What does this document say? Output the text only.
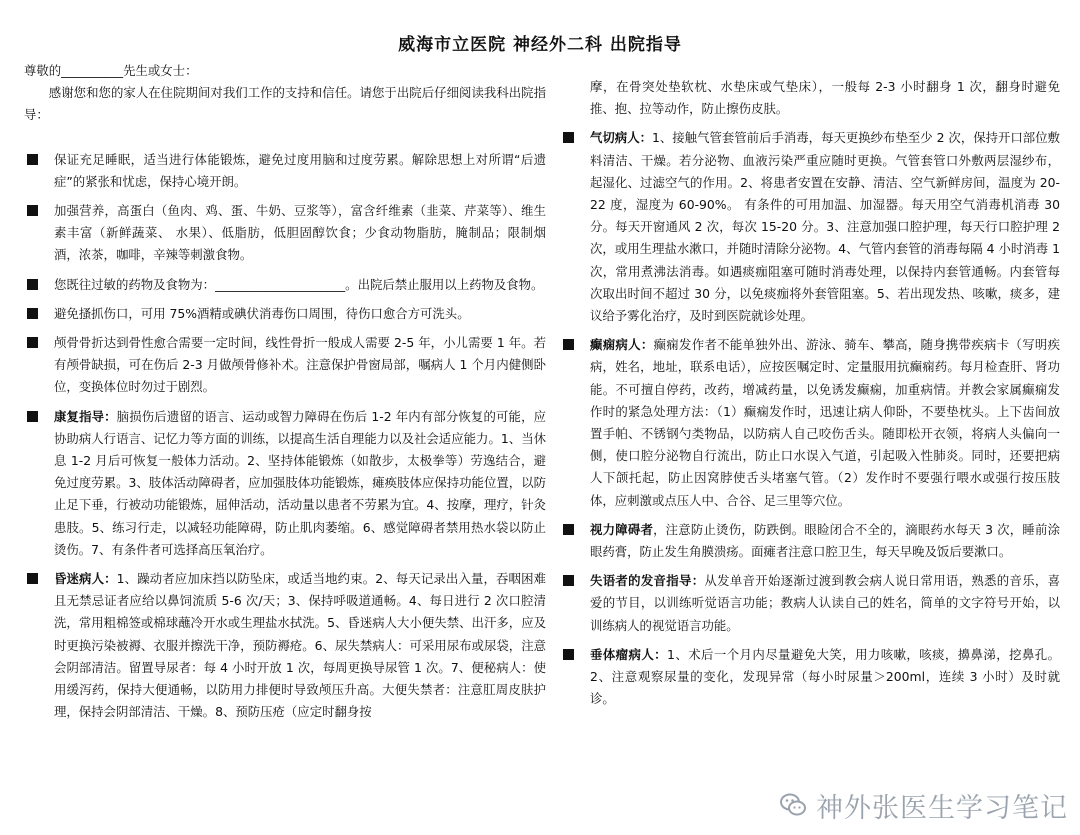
威海市立医院 神经外二科 出院指导

尊敬的__________先生或女士：

感谢您和您的家人在住院期间对我们工作的支持和信任。请您于出院后仔细阅读我科出院指导：

保证充足睡眠，适当进行体能锻炼，避免过度用脑和过度劳累。解除思想上对所谓“后遗症”的紧张和忧虑，保持心境开朗。
加强营养，高蛋白（鱼肉、鸡、蛋、牛奶、豆浆等），富含纤维素（韭菜、芹菜等）、维生素丰富（新鲜蔬菜、 水果）、低脂肪，低胆固醇饮食；少食动物脂肪，腌制品；限制烟酒，浓茶，咖啡，辛辣等刺激食物。
您既往过敏的药物及食物为：_____________________。出院后禁止服用以上药物及食物。
避免搔抓伤口，可用 75%酒精或碘伏消毒伤口周围，待伤口愈合方可洗头。
颅骨骨折达到骨性愈合需要一定时间，线性骨折一般成人需要 2-5 年，小儿需要 1 年。若有颅骨缺损，可在伤后 2-3 月做颅骨修补术。注意保护骨窗局部，嘱病人 1 个月内健侧卧位，变换体位时勿过于剧烈。
康复指导：脑损伤后遗留的语言、运动或智力障碍在伤后 1-2 年内有部分恢复的可能，应协助病人行语言、记忆力等方面的训练，以提高生活自理能力以及社会适应能力。1、当休息 1-2 月后可恢复一般体力活动。2、坚持体能锻炼（如散步，太极拳等）劳逸结合，避免过度劳累。3、肢体活动障碍者，应加强肢体功能锻炼，瘫痪肢体应保持功能位置，以防止足下垂，行被动功能锻炼，屈伸活动，活动量以患者不劳累为宜。4、按摩，理疗，针灸患肢。5、练习行走，以减轻功能障碍，防止肌肉萎缩。6、感觉障碍者禁用热水袋以防止烫伤。7、有条件者可选择高压氧治疗。
昏迷病人：1、躁动者应加床挡以防坠床，或适当地约束。2、每天记录出入量，吞咽困难且无禁忌证者应给以鼻饲流质 5-6 次/天；3、保持呼吸道通畅。4、每日进行 2 次口腔清洗，常用粗棉签或棉球蘸冷开水或生理盐水拭洗。5、昏迷病人大小便失禁、出汗多，应及时更换污染被褥、衣服并擦洗干净，预防褥疮。6、尿失禁病人：可采用尿布或尿袋，注意会阴部清洁。留置导尿者：每 4 小时开放 1 次，每周更换导尿管 1 次。7、便秘病人：使用缓泻药，保持大便通畅，以防用力排便时导致颅压升高。大便失禁者：注意肛周皮肤护理，保持会阴部清洁、干燥。8、预防压疮（应定时翻身按

摩，在骨突处垫软枕、水垫床或气垫床），一般每 2-3 小时翻身 1 次，翻身时避免推、抱、拉等动作，防止擦伤皮肤。

气切病人：1、接触气管套管前后手消毒，每天更换纱布垫至少 2 次，保持开口部位敷料清洁、干燥。若分泌物、血液污染严重应随时更换。气管套管口外敷两层湿纱布，起湿化、过滤空气的作用。2、将患者安置在安静、清洁、空气新鲜房间，温度为 20-22 度，湿度为 60-90%。 有条件的可用加温、加湿器。每天用空气消毒机消毒 30 分。每天开窗通风 2 次，每次 15-20 分。3、注意加强口腔护理，每天行口腔护理 2 次，或用生理盐水漱口，并随时清除分泌物。4、气管内套管的消毒每隔 4 小时消毒 1 次，常用煮沸法消毒。如遇痰痂阻塞可随时消毒处理，以保持内套管通畅。内套管每次取出时间不超过 30 分，以免痰痂将外套管阻塞。5、若出现发热、咳嗽，痰多，建议给予雾化治疗，及时到医院就诊处理。
癫痫病人：癫痫发作者不能单独外出、游泳、骑车、攀高，随身携带疾病卡（写明疾病，姓名，地址，联系电话），应按医嘱定时、定量服用抗癫痫药。每月检查肝、肾功能。不可擅自停药，改药，增减药量，以免诱发癫痫，加重病情。并教会家属癫痫发作时的紧急处理方法：（1）癫痫发作时，迅速让病人仰卧，不要垫枕头。上下齿间放置手帕、不锈钢勺类物品，以防病人自己咬伤舌头。随即松开衣领，将病人头偏向一侧，使口腔分泌物自行流出，防止口水误入气道，引起吸入性肺炎。同时，还要把病人下颌托起，防止因窝脖使舌头堵塞气管。（2）发作时不要强行喂水或强行按压肢体，应刺激或点压人中、合谷、足三里等穴位。
视力障碍者，注意防止烫伤，防跌倒。眼睑闭合不全的，滴眼药水每天 3 次，睡前涂眼药膏，防止发生角膜溃疡。面瘫者注意口腔卫生，每天早晚及饭后要漱口。
失语者的发音指导：从发单音开始逐渐过渡到教会病人说日常用语，熟悉的音乐，喜爱的节目，以训练听觉语言功能；教病人认读自己的姓名，简单的文字符号开始，以训练病人的视觉语言功能。
垂体瘤病人：1、术后一个月内尽量避免大笑，用力咳嗽，咳痰，擤鼻涕，挖鼻孔。2、注意观察尿量的变化，发现异常（每小时尿量＞200ml，连续 3 小时）及时就诊。
神外张医生学习笔记
